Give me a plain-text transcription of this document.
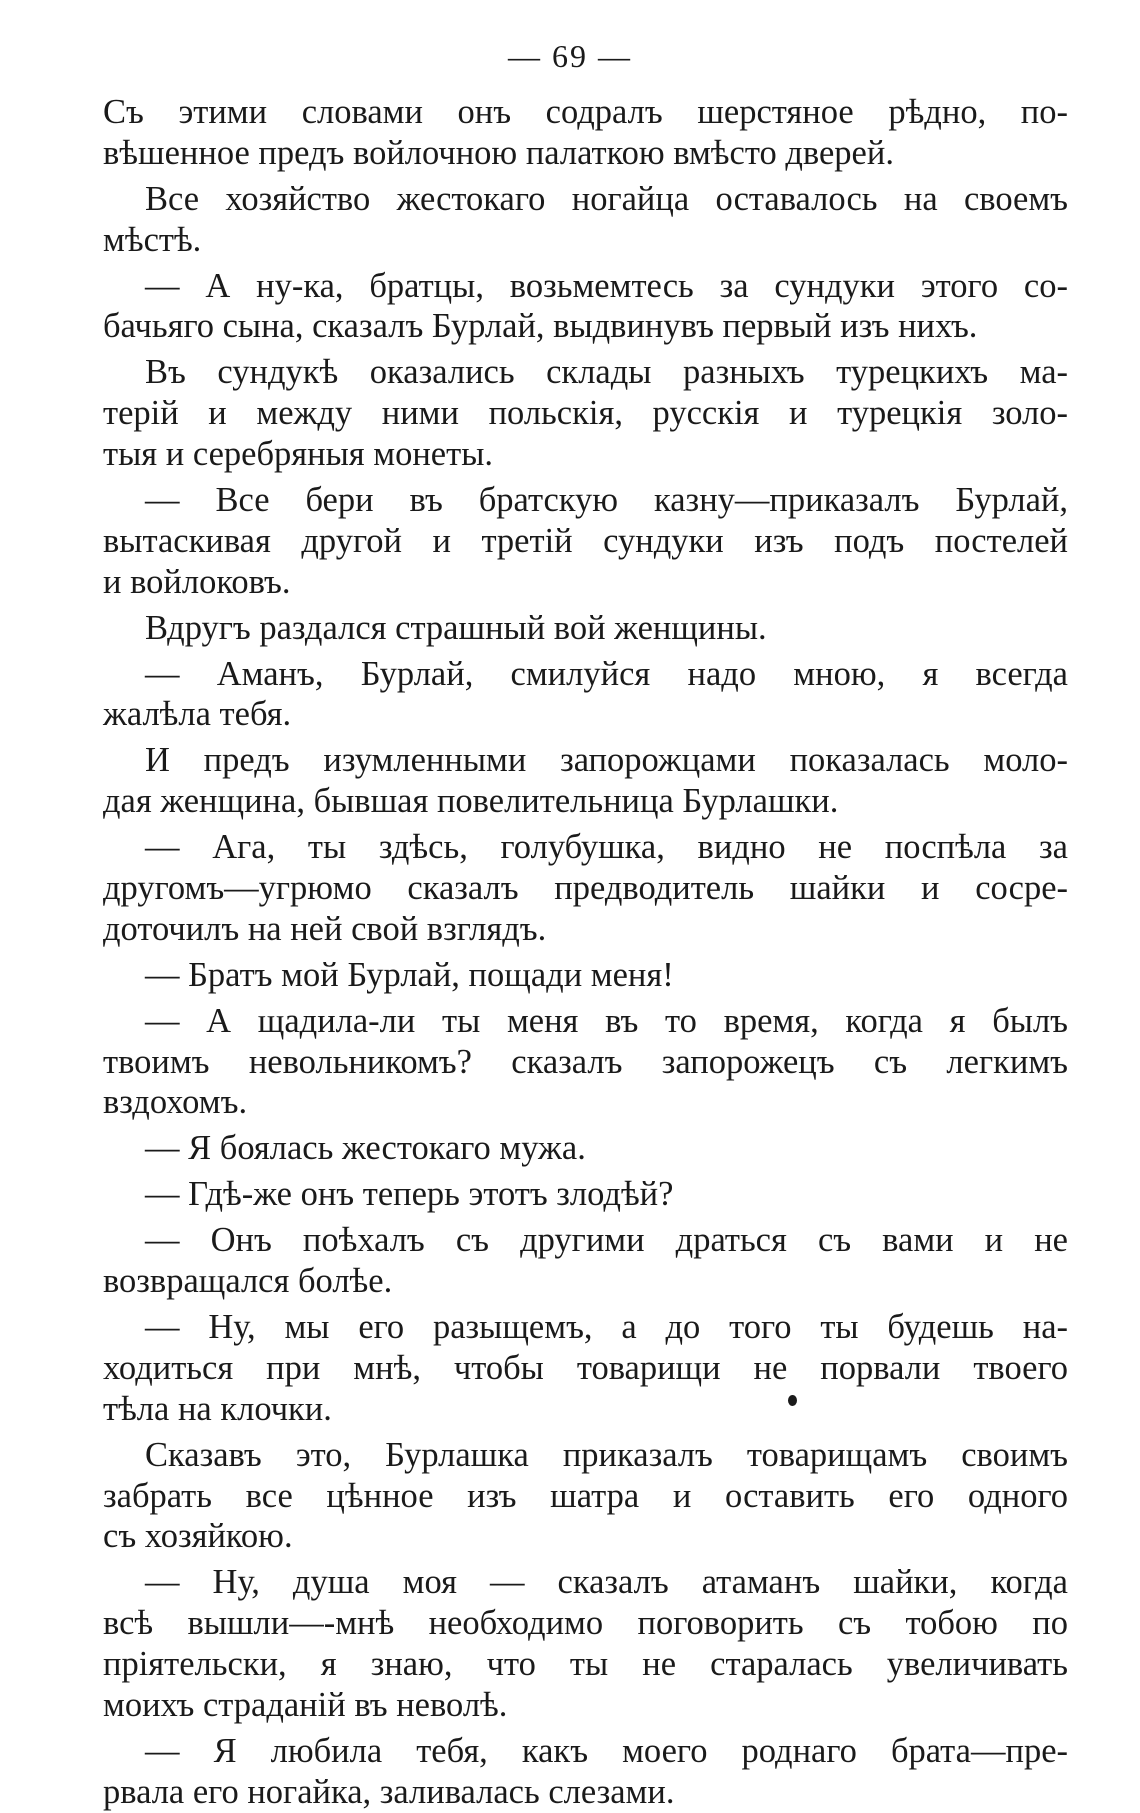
— 69 —
Съ этими словами онъ содралъ шерстяное рѣдно, по-
вѣшенное предъ войлочною палаткою вмѣсто дверей.
Все хозяйство жестокаго ногайца оставалось на своемъ
мѣстѣ.
— А ну-ка, братцы, возьмемтесь за сундуки этого со-
бачьяго сына, сказалъ Бурлай, выдвинувъ первый изъ нихъ.
Въ сундукѣ оказались склады разныхъ турецкихъ ма-
терій и между ними польскія, русскія и турецкія золо-
тыя и серебряныя монеты.
— Все бери въ братскую казну—приказалъ Бурлай,
вытаскивая другой и третій сундуки изъ подъ постелей
и войлоковъ.
Вдругъ раздался страшный вой женщины.
— Аманъ, Бурлай, смилуйся надо мною, я всегда
жалѣла тебя.
И предъ изумленными запорожцами показалась моло-
дая женщина, бывшая повелительница Бурлашки.
— Ага, ты здѣсь, голубушка, видно не поспѣла за
другомъ—угрюмо сказалъ предводитель шайки и сосре-
доточилъ на ней свой взглядъ.
— Братъ мой Бурлай, пощади меня!
— А щадила-ли ты меня въ то время, когда я былъ
твоимъ невольникомъ? сказалъ запорожецъ съ легкимъ
вздохомъ.
— Я боялась жестокаго мужа.
— Гдѣ-же онъ теперь этотъ злодѣй?
— Онъ поѣхалъ съ другими драться съ вами и не
возвращался болѣе.
— Ну, мы его разыщемъ, а до того ты будешь на-
ходиться при мнѣ, чтобы товарищи не порвали твоего
тѣла на клочки.
Сказавъ это, Бурлашка приказалъ товарищамъ своимъ
забрать все цѣнное изъ шатра и оставить его одного
съ хозяйкою.
— Ну, душа моя — сказалъ атаманъ шайки, когда
всѣ вышли—-мнѣ необходимо поговорить съ тобою по
пріятельски, я знаю, что ты не старалась увеличивать
моихъ страданій въ неволѣ.
— Я любила тебя, какъ моего роднаго брата—пре-
рвала его ногайка, заливалась слезами.
